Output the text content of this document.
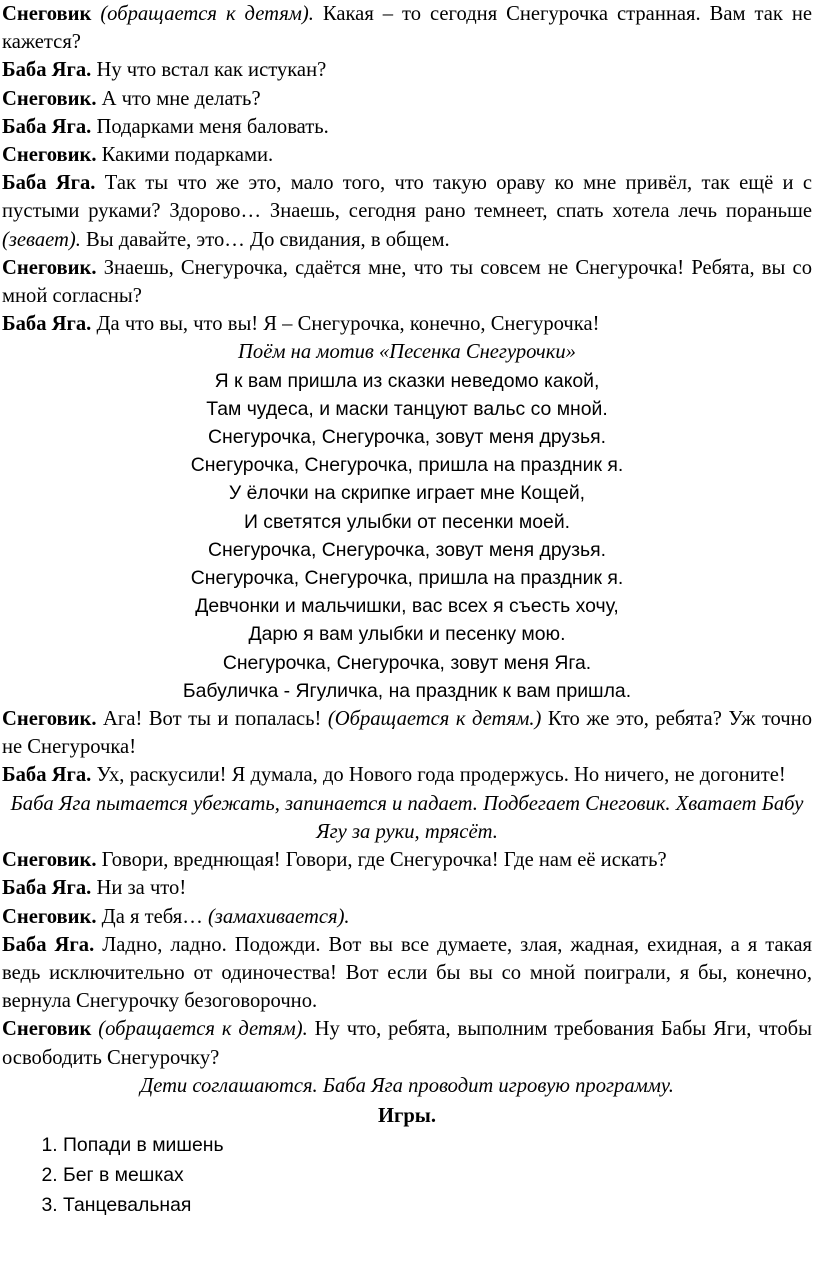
Снеговик (обращается к детям). Какая – то сегодня Снегурочка странная. Вам так не кажется?

Баба Яга. Ну что встал как истукан?

Снеговик. А что мне делать?

Баба Яга. Подарками меня баловать.

Снеговик. Какими подарками.

Баба Яга. Так ты что же это, мало того, что такую ораву ко мне привёл, так ещё и с пустыми руками? Здорово… Знаешь, сегодня рано темнеет, спать хотела лечь пораньше (зевает). Вы давайте, это… До свидания, в общем.

Снеговик. Знаешь, Снегурочка, сдаётся мне, что ты совсем не Снегурочка! Ребята, вы со мной согласны?

Баба Яга. Да что вы, что вы! Я – Снегурочка, конечно, Снегурочка!

Поём на мотив «Песенка Снегурочки»

Я к вам пришла из сказки неведомо какой,

Там чудеса, и маски танцуют вальс со мной.

Снегурочка, Снегурочка, зовут меня друзья.

Снегурочка, Снегурочка, пришла на праздник я.

У ёлочки на скрипке играет мне Кощей,

И светятся улыбки от песенки моей.

Снегурочка, Снегурочка, зовут меня друзья.

Снегурочка, Снегурочка, пришла на праздник я.

Девчонки и мальчишки, вас всех я съесть хочу,

Дарю я вам улыбки и песенку мою.

Снегурочка, Снегурочка, зовут меня Яга.

Бабуличка - Ягуличка, на праздник к вам пришла.

Снеговик. Ага! Вот ты и попалась! (Обращается к детям.) Кто же это, ребята? Уж точно не Снегурочка!

Баба Яга. Ух, раскусили! Я думала, до Нового года продержусь. Но ничего, не догоните!

Баба Яга пытается убежать, запинается и падает. Подбегает Снеговик. Хватает Бабу Ягу за руки, трясёт.

Снеговик. Говори, вреднющая! Говори, где Снегурочка! Где нам её искать?

Баба Яга. Ни за что!

Снеговик. Да я тебя… (замахивается).

Баба Яга. Ладно, ладно. Подожди. Вот вы все думаете, злая, жадная, ехидная, а я такая ведь исключительно от одиночества! Вот если бы вы со мной поиграли, я бы, конечно, вернула Снегурочку безоговорочно.

Снеговик (обращается к детям). Ну что, ребята, выполним требования Бабы Яги, чтобы освободить Снегурочку?

Дети соглашаются. Баба Яга проводит игровую программу.

Игры.

1. Попади в мишень
2. Бег в мешках
3. Танцевальная
